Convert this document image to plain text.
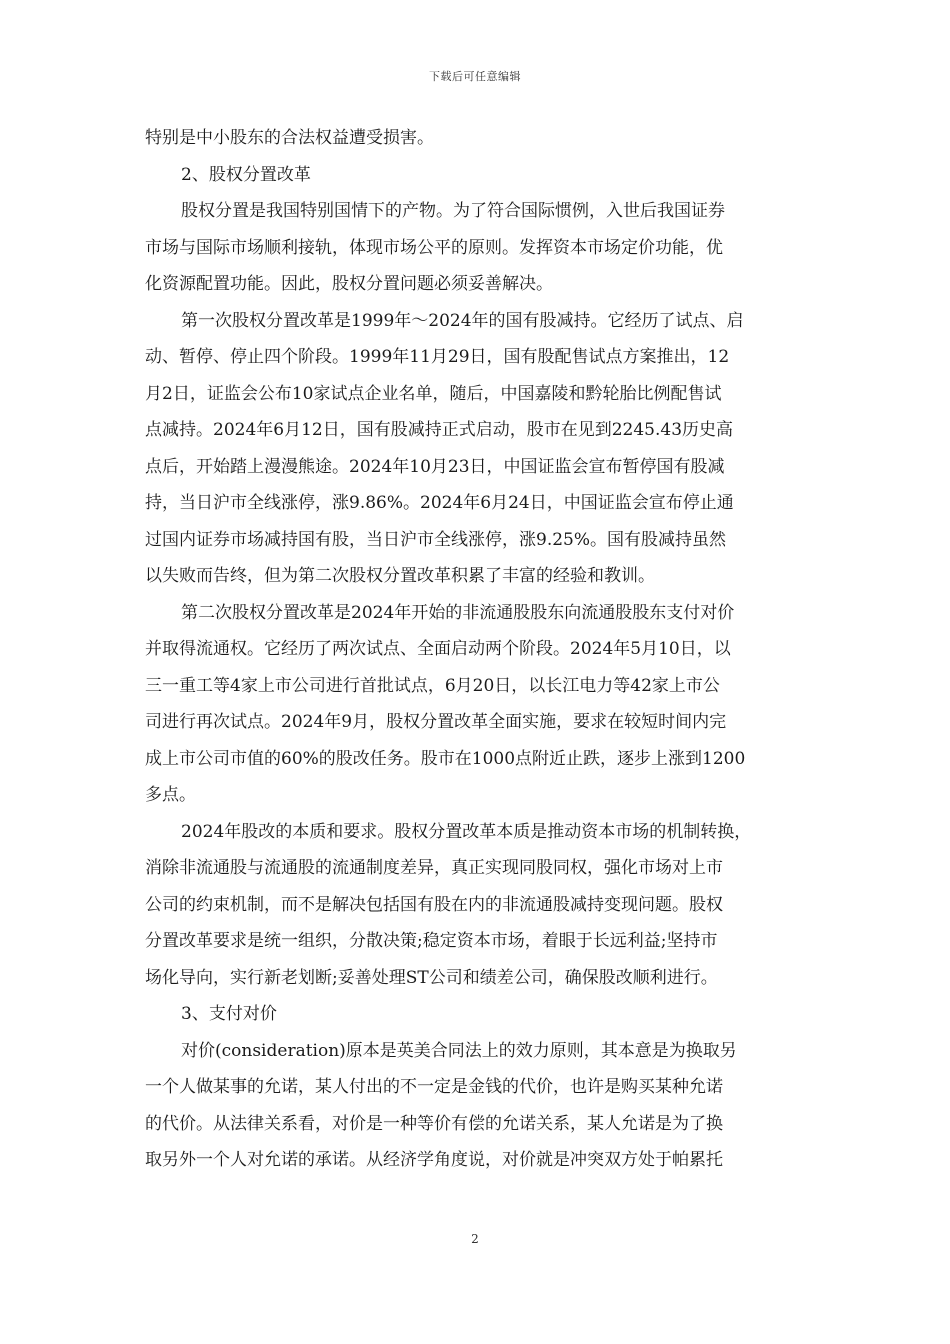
下载后可任意编辑
特别是中小股东的合法权益遭受损害。
2、股权分置改革
股权分置是我国特别国情下的产物。为了符合国际惯例，入世后我国证券
市场与国际市场顺利接轨，体现市场公平的原则。发挥资本市场定价功能，优
化资源配置功能。因此，股权分置问题必须妥善解决。
第一次股权分置改革是1999年～2024年的国有股减持。它经历了试点、启
动、暂停、停止四个阶段。1999年11月29日，国有股配售试点方案推出，12
月2日，证监会公布10家试点企业名单，随后，中国嘉陵和黔轮胎比例配售试
点减持。2024年6月12日，国有股减持正式启动，股市在见到2245.43历史高
点后，开始踏上漫漫熊途。2024年10月23日，中国证监会宣布暂停国有股减
持，当日沪市全线涨停，涨9.86%。2024年6月24日，中国证监会宣布停止通
过国内证券市场减持国有股，当日沪市全线涨停，涨9.25%。国有股减持虽然
以失败而告终，但为第二次股权分置改革积累了丰富的经验和教训。
第二次股权分置改革是2024年开始的非流通股股东向流通股股东支付对价
并取得流通权。它经历了两次试点、全面启动两个阶段。2024年5月10日，以
三一重工等4家上市公司进行首批试点，6月20日，以长江电力等42家上市公
司进行再次试点。2024年9月，股权分置改革全面实施，要求在较短时间内完
成上市公司市值的60%的股改任务。股市在1000点附近止跌，逐步上涨到1200
多点。
2024年股改的本质和要求。股权分置改革本质是推动资本市场的机制转换，
消除非流通股与流通股的流通制度差异，真正实现同股同权，强化市场对上市
公司的约束机制，而不是解决包括国有股在内的非流通股减持变现问题。股权
分置改革要求是统一组织，分散决策;稳定资本市场，着眼于长远利益;坚持市
场化导向，实行新老划断;妥善处理ST公司和绩差公司，确保股改顺利进行。
3、支付对价
对价(consideration)原本是英美合同法上的效力原则，其本意是为换取另
一个人做某事的允诺，某人付出的不一定是金钱的代价，也许是购买某种允诺
的代价。从法律关系看，对价是一种等价有偿的允诺关系，某人允诺是为了换
取另外一个人对允诺的承诺。从经济学角度说，对价就是冲突双方处于帕累托
2
